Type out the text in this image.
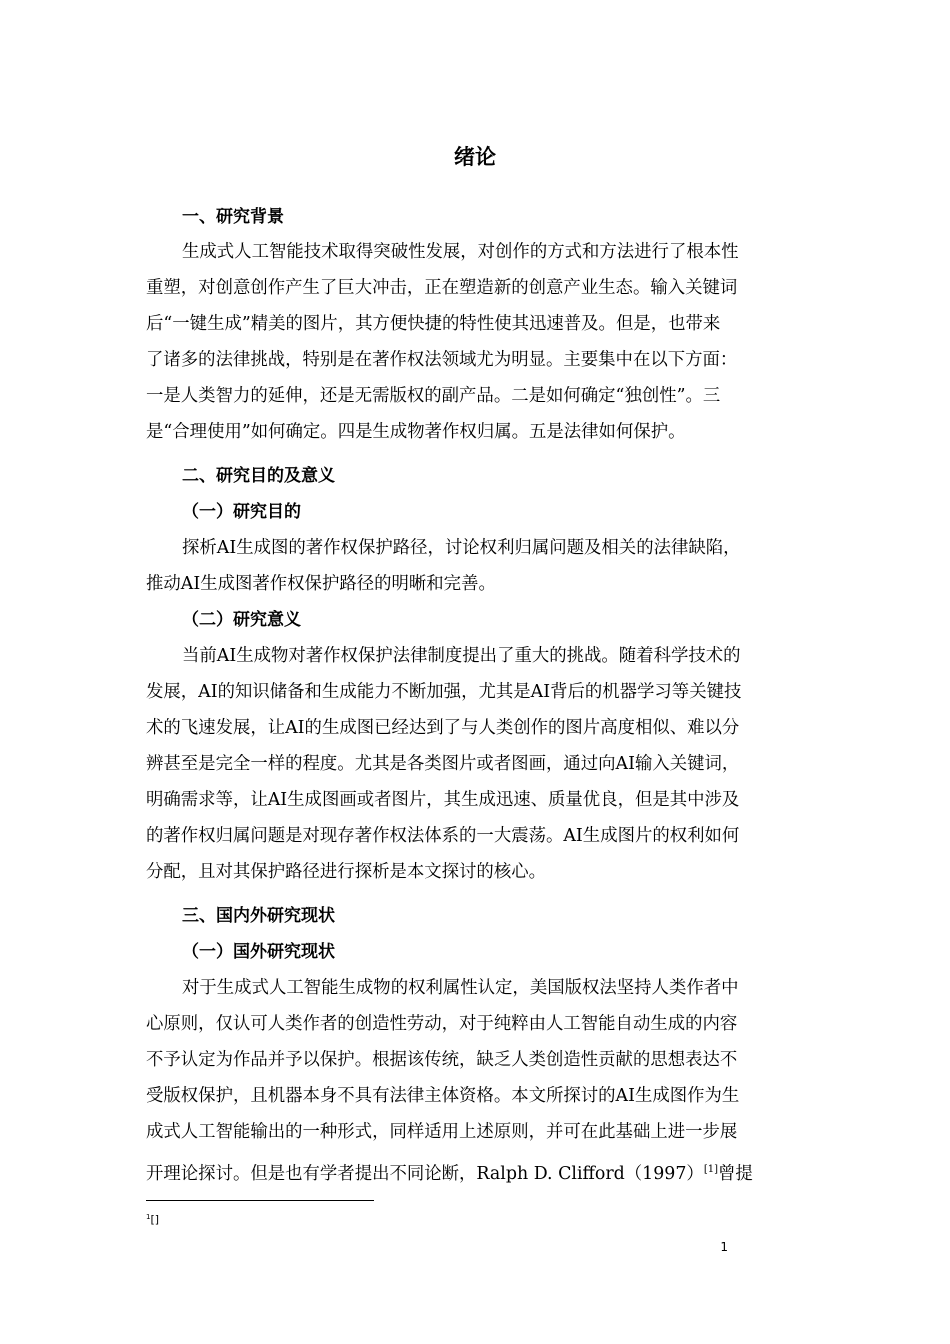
绪论
一、研究背景
生成式人工智能技术取得突破性发展，对创作的方式和方法进行了根本性
重塑，对创意创作产生了巨大冲击，正在塑造新的创意产业生态。输入关键词
后“一键生成”精美的图片，其方便快捷的特性使其迅速普及。但是，也带来
了诸多的法律挑战，特别是在著作权法领域尤为明显。主要集中在以下方面：
一是人类智力的延伸，还是无需版权的副产品。二是如何确定“独创性”。三
是“合理使用”如何确定。四是生成物著作权归属。五是法律如何保护。
二、研究目的及意义
（一）研究目的
探析AI生成图的著作权保护路径，讨论权利归属问题及相关的法律缺陷，
推动AI生成图著作权保护路径的明晰和完善。
（二）研究意义
当前AI生成物对著作权保护法律制度提出了重大的挑战。随着科学技术的
发展，AI的知识储备和生成能力不断加强，尤其是AI背后的机器学习等关键技
术的飞速发展，让AI的生成图已经达到了与人类创作的图片高度相似、难以分
辨甚至是完全一样的程度。尤其是各类图片或者图画，通过向AI输入关键词，
明确需求等，让AI生成图画或者图片，其生成迅速、质量优良，但是其中涉及
的著作权归属问题是对现存著作权法体系的一大震荡。AI生成图片的权利如何
分配，且对其保护路径进行探析是本文探讨的核心。
三、国内外研究现状
（一）国外研究现状
对于生成式人工智能生成物的权利属性认定，美国版权法坚持人类作者中
心原则，仅认可人类作者的创造性劳动，对于纯粹由人工智能自动生成的内容
不予认定为作品并予以保护。根据该传统，缺乏人类创造性贡献的思想表达不
受版权保护，且机器本身不具有法律主体资格。本文所探讨的AI生成图作为生
成式人工智能输出的一种形式，同样适用上述原则，并可在此基础上进一步展
开理论探讨。但是也有学者提出不同论断，Ralph D. Clifford（1997）[1]曾提
$^1$[]
1
